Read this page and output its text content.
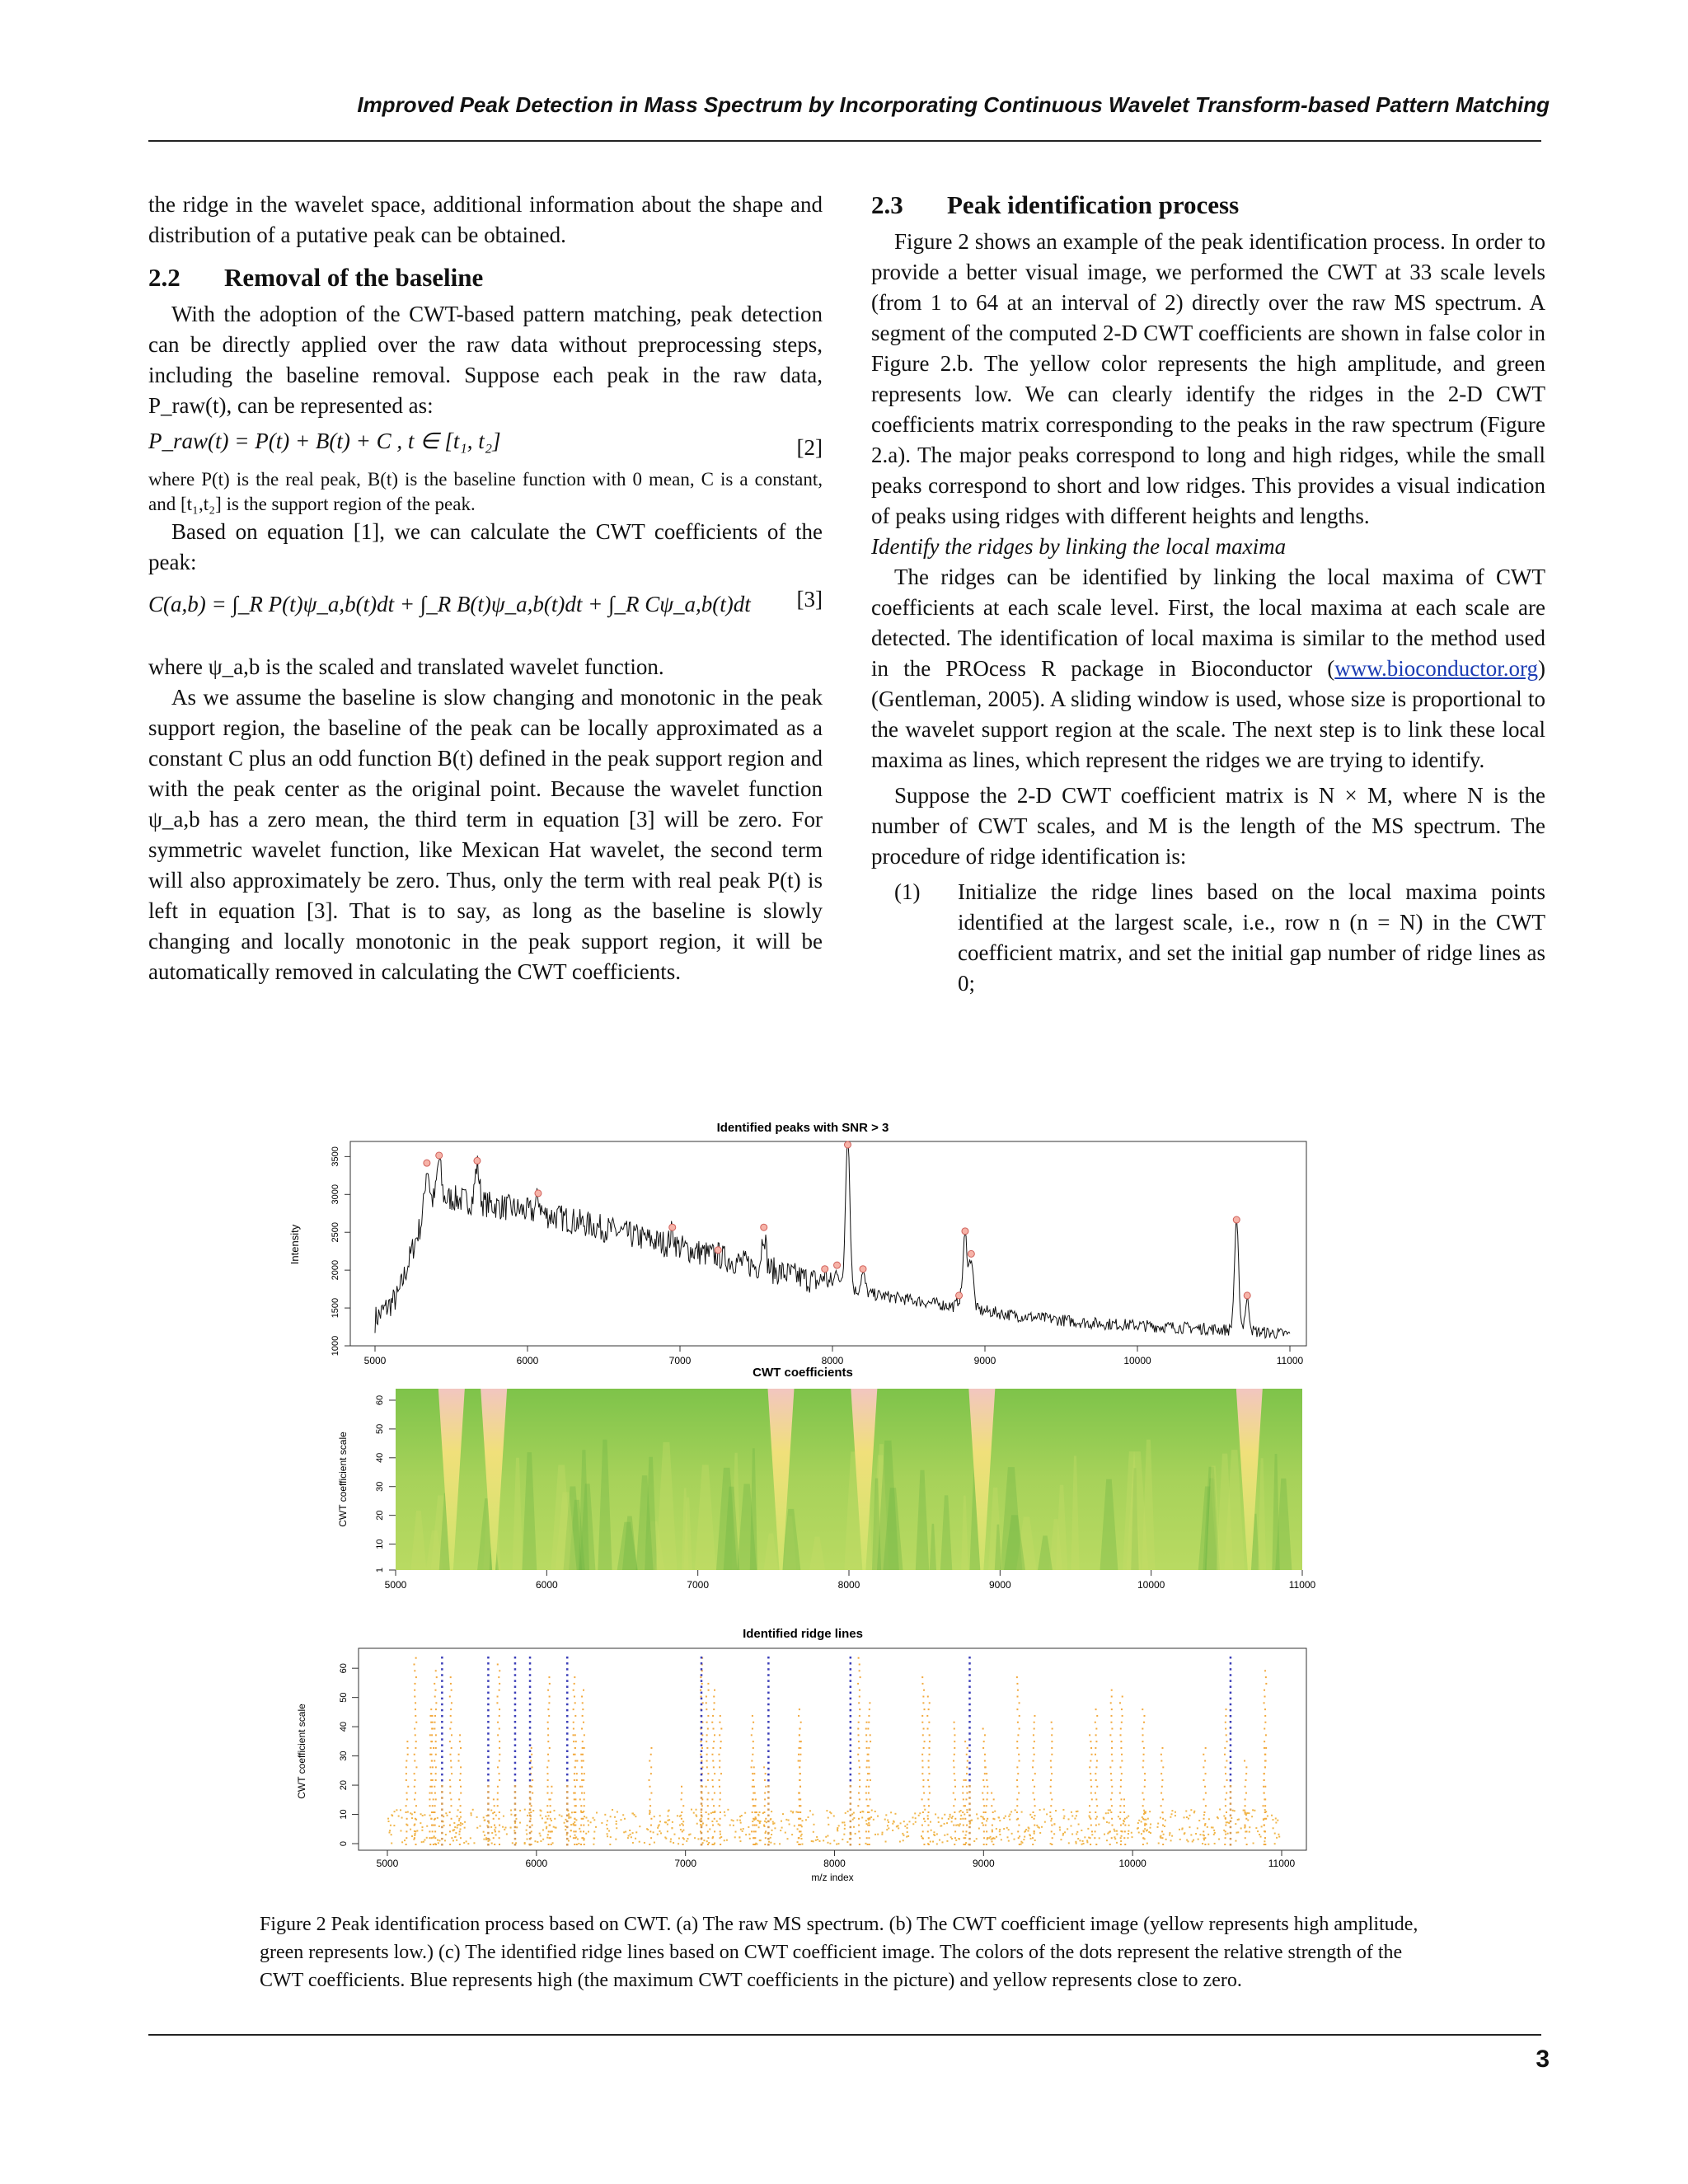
Improved Peak Detection in Mass Spectrum by Incorporating Continuous Wavelet Transform-based Pattern Matching

the ridge in the wavelet space, additional information about the shape and distribution of a putative peak can be obtained.

2.2 Removal of the baseline

With the adoption of the CWT-based pattern matching, peak detection can be directly applied over the raw data without preprocessing steps, including the baseline removal. Suppose each peak in the raw data, P_raw(t), can be represented as:

P_raw(t) = P(t) + B(t) + C , t ∈ [t₁, t₂]	[2]

where P(t) is the real peak, B(t) is the baseline function with 0 mean, C is a constant, and [t₁,t₂] is the support region of the peak.

Based on equation [1], we can calculate the CWT coefficients of the peak:

C(a,b) = ∫_R P(t)ψ_a,b(t)dt + ∫_R B(t)ψ_a,b(t)dt + ∫_R Cψ_a,b(t)dt [3]

where ψ_a,b is the scaled and translated wavelet function.

As we assume the baseline is slow changing and monotonic in the peak support region, the baseline of the peak can be locally approximated as a constant C plus an odd function B(t) defined in the peak support region and with the peak center as the original point. Because the wavelet function ψ_a,b has a zero mean, the third term in equation [3] will be zero. For symmetric wavelet function, like Mexican Hat wavelet, the second term will also approximately be zero. Thus, only the term with real peak P(t) is left in equation [3]. That is to say, as long as the baseline is slowly changing and locally monotonic in the peak support region, it will be automatically removed in calculating the CWT coefficients.

2.3 Peak identification process

Figure 2 shows an example of the peak identification process. In order to provide a better visual image, we performed the CWT at 33 scale levels (from 1 to 64 at an interval of 2) directly over the raw MS spectrum. A segment of the computed 2-D CWT coefficients are shown in false color in Figure 2.b. The yellow color represents the high amplitude, and green represents low. We can clearly identify the ridges in the 2-D CWT coefficients matrix corresponding to the peaks in the raw spectrum (Figure 2.a). The major peaks correspond to long and high ridges, while the small peaks correspond to short and low ridges. This provides a visual indication of peaks using ridges with different heights and lengths.

Identify the ridges by linking the local maxima

The ridges can be identified by linking the local maxima of CWT coefficients at each scale level. First, the local maxima at each scale are detected. The identification of local maxima is similar to the method used in the PROcess R package in Bioconductor (www.bioconductor.org) (Gentleman, 2005). A sliding window is used, whose size is proportional to the wavelet support region at the scale. The next step is to link these local maxima as lines, which represent the ridges we are trying to identify.

Suppose the 2-D CWT coefficient matrix is N × M, where N is the number of CWT scales, and M is the length of the MS spectrum. The procedure of ridge identification is:

(1) Initialize the ridge lines based on the local maxima points identified at the largest scale, i.e., row n (n = N) in the CWT coefficient matrix, and set the initial gap number of ridge lines as 0;

Identified peaks with SNR > 3
Intensity
1000
1500
2000
2500
3000
3500
5000	6000	7000	8000	9000	10000	11000
CWT coefficients
CWT coefficient scale
1
10
20
30
40
50
60
5000	6000	7000	8000	9000	10000	11000
Identified ridge lines
CWT coefficient scale
0
10
20
30
40
50
60
5000	6000	7000	8000	9000	10000	11000
m/z index
Figure 2 Peak identification process based on CWT. (a) The raw MS spectrum. (b) The CWT coefficient image (yellow represents high amplitude, green represents low.) (c) The identified ridge lines based on CWT coefficient image. The colors of the dots represent the relative strength of the CWT coefficients. Blue represents high (the maximum CWT coefficients in the picture) and yellow represents close to zero.
3
